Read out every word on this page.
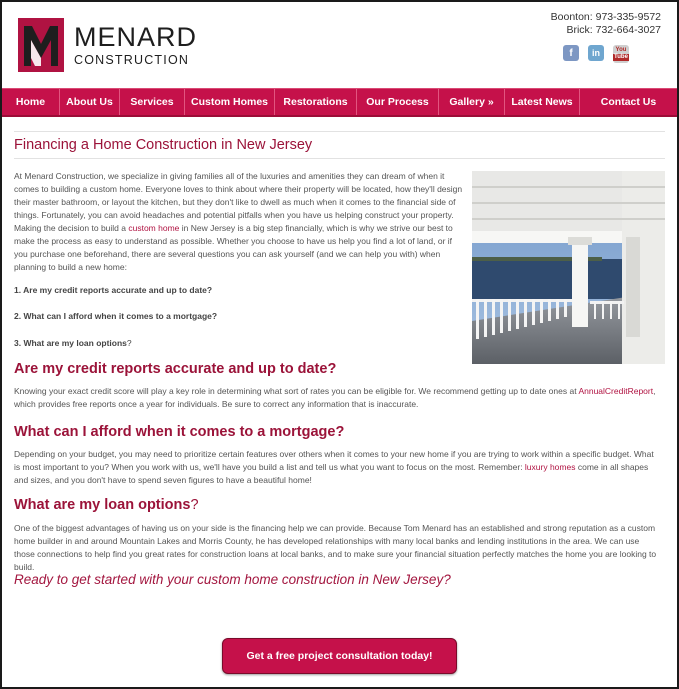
MENARD
CONSTRUCTION
Boonton: 973-335-9572
Brick: 732-664-3027
f	in	You
Tube
Home	About Us	Services	Custom Homes	Restorations	Our Process	Gallery »	Latest News	Contact Us
Financing a Home Construction in New Jersey

At Menard Construction, we specialize in giving families all of the luxuries and amenities they can dream of when it comes to building a custom home. Everyone loves to think about where their property will be located, how they'll design their master bathroom, or layout the kitchen, but they don't like to dwell as much when it comes to the financial side of things. Fortunately, you can avoid headaches and potential pitfalls when you have us helping construct your property. Making the decision to build a custom home in New Jersey is a big step financially, which is why we strive our best to make the process as easy to understand as possible. Whether you choose to have us help you find a lot of land, or if you purchase one beforehand, there are several questions you can ask yourself (and we can help you with) when planning to build a new home:

1. Are my credit reports accurate and up to date?
2. What can I afford when it comes to a mortgage?
3. What are my loan options?
Are my credit reports accurate and up to date?

Knowing your exact credit score will play a key role in determining what sort of rates you can be eligible for. We recommend getting up to date ones at AnnualCreditReport, which provides free reports once a year for individuals. Be sure to correct any information that is inaccurate.

What can I afford when it comes to a mortgage?

Depending on your budget, you may need to prioritize certain features over others when it comes to your new home if you are trying to work within a specific budget. What is most important to you? When you work with us, we'll have you build a list and tell us what you want to focus on the most. Remember: luxury homes come in all shapes and sizes, and you don't have to spend seven figures to have a beautiful home!

What are my loan options?

One of the biggest advantages of having us on your side is the financing help we can provide. Because Tom Menard has an established and strong reputation as a custom home builder in and around Mountain Lakes and Morris County, he has developed relationships with many local banks and lending institutions in the area. We can use those connections to help find you great rates for construction loans at local banks, and to make sure your financial situation perfectly matches the home you are looking to build.

Ready to get started with your custom home construction in New Jersey?
Get a free project consultation today!
